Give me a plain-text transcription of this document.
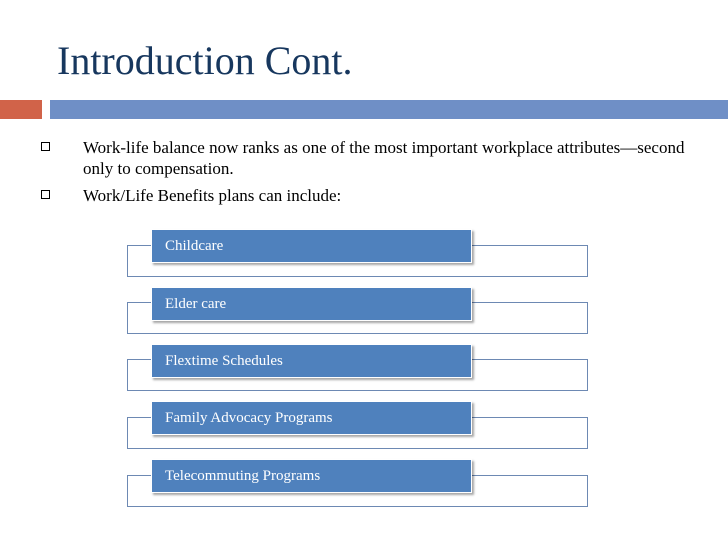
Introduction Cont.
Work-life balance now ranks as one of the most important workplace attributes—second only to compensation.
Work/Life Benefits plans can include:
Childcare
Elder care
Flextime Schedules
Family Advocacy Programs
Telecommuting Programs
